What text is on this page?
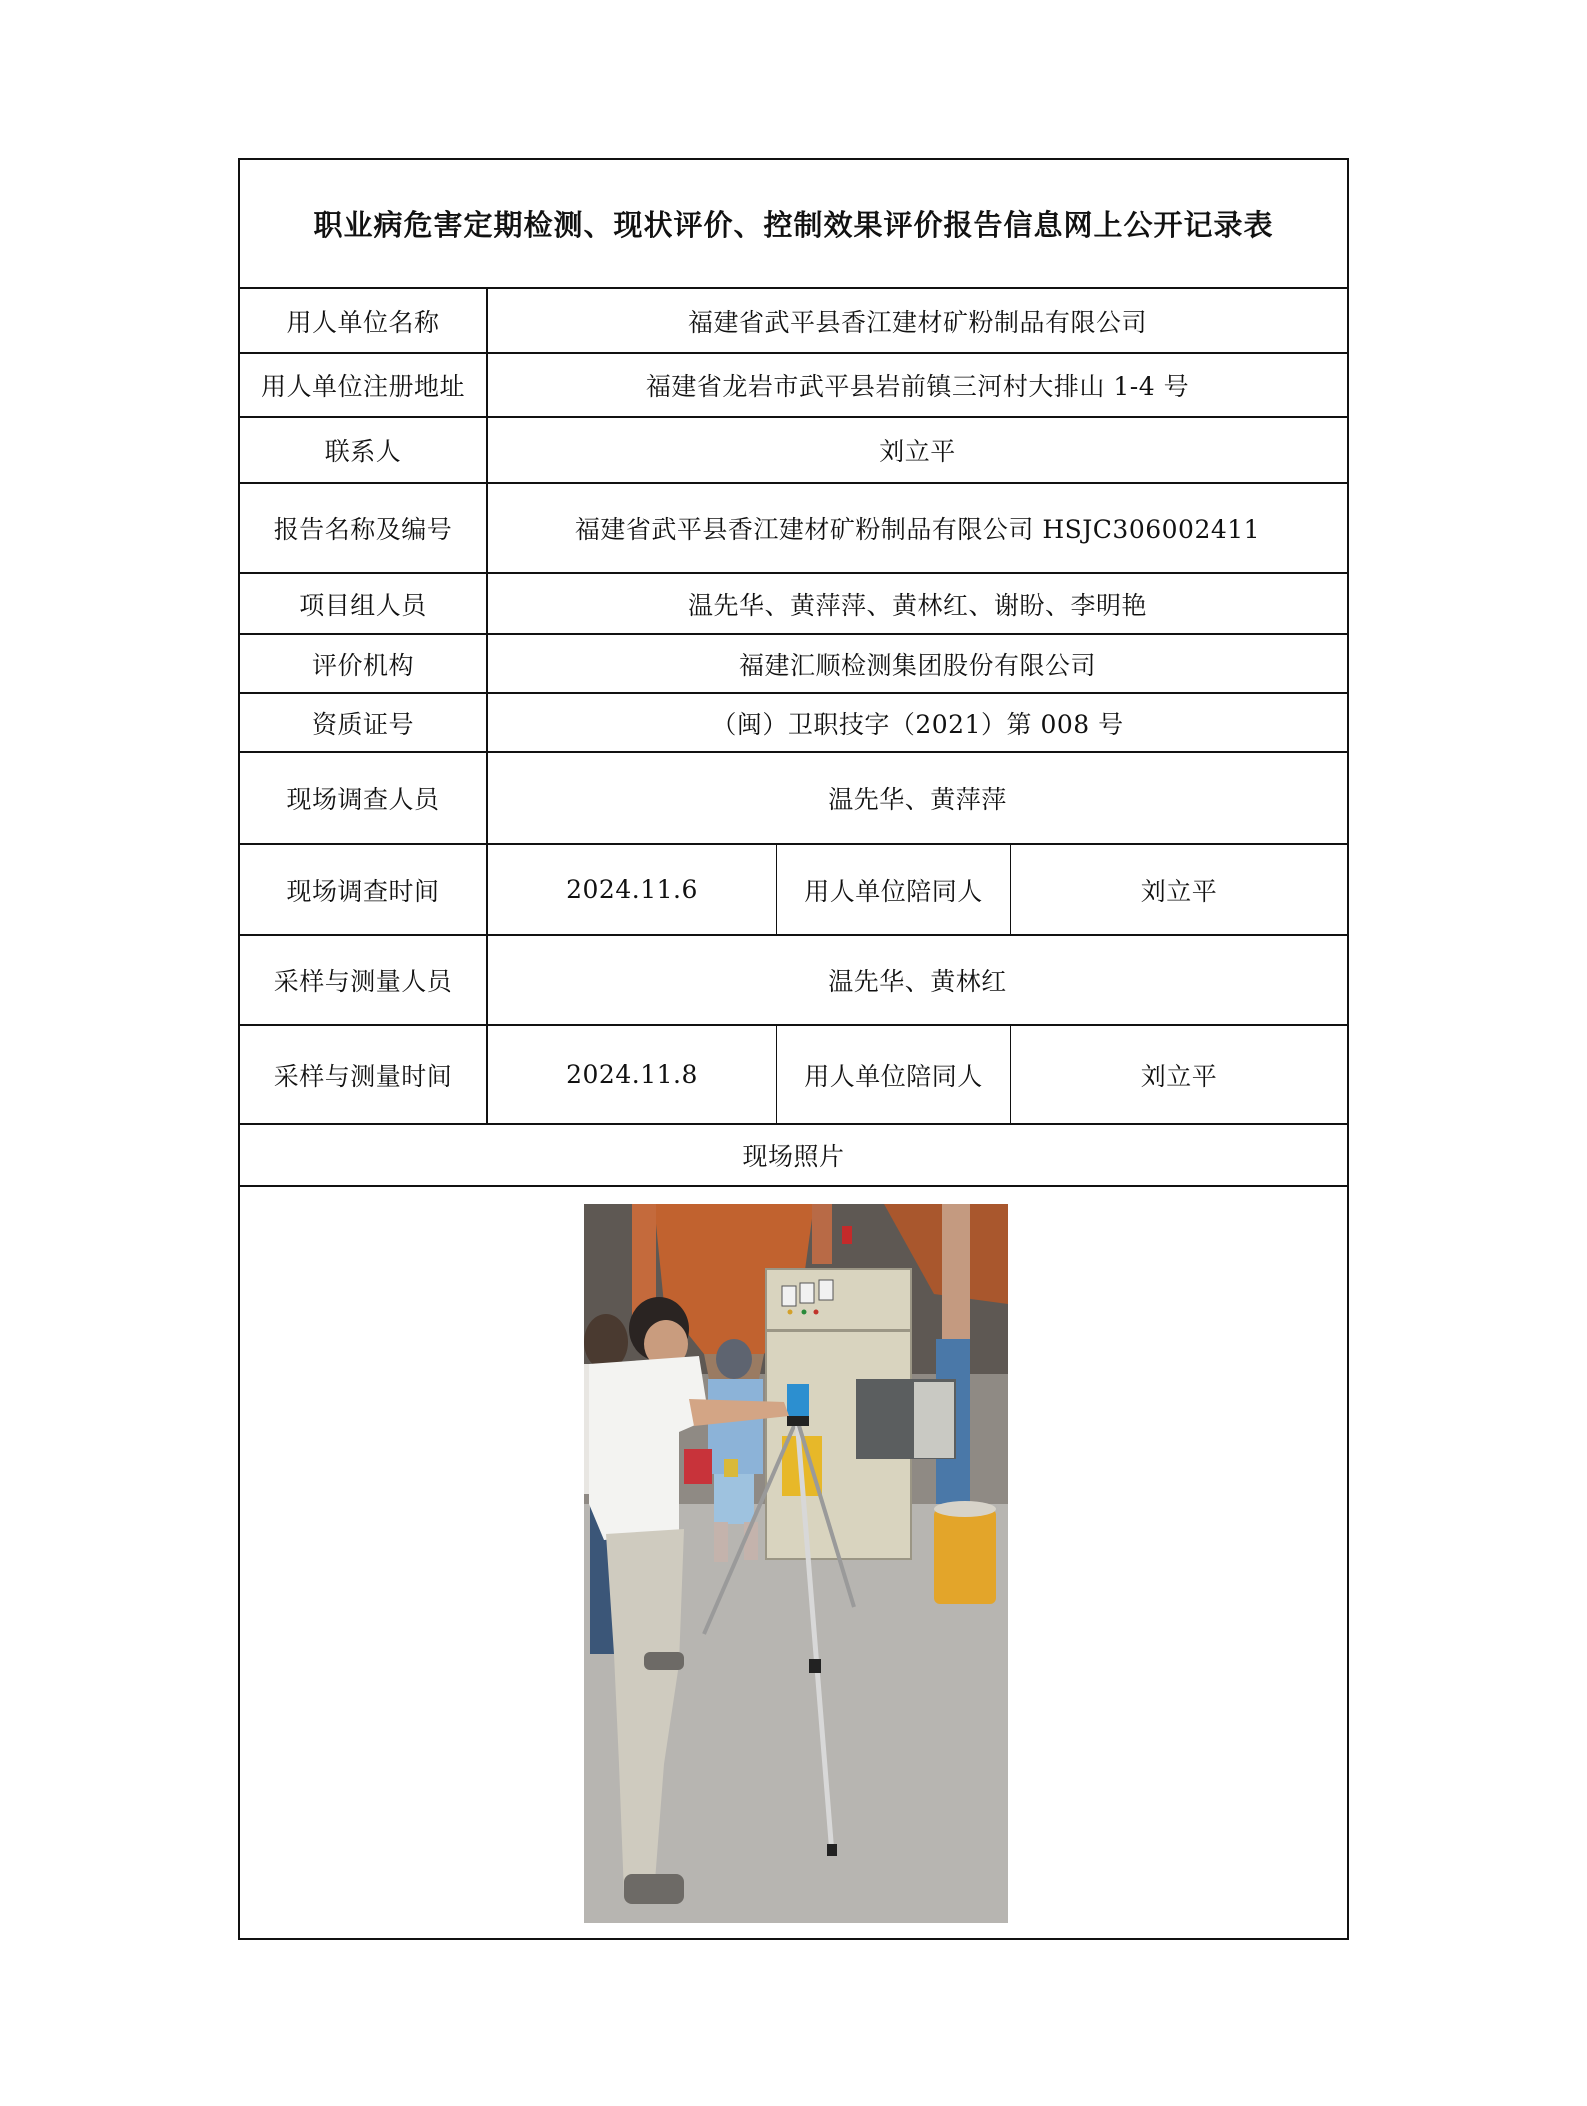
职业病危害定期检测、现状评价、控制效果评价报告信息网上公开记录表
用人单位名称	福建省武平县香江建材矿粉制品有限公司
用人单位注册地址	福建省龙岩市武平县岩前镇三河村大排山 1-4 号
联系人	刘立平
报告名称及编号	福建省武平县香江建材矿粉制品有限公司 HSJC306002411
项目组人员	温先华、黄萍萍、黄林红、谢盼、李明艳
评价机构	福建汇顺检测集团股份有限公司
资质证号	（闽）卫职技字（2021）第 008 号
现场调查人员	温先华、黄萍萍
现场调查时间	2024.11.6	用人单位陪同人	刘立平
采样与测量人员	温先华、黄林红
采样与测量时间	2024.11.8	用人单位陪同人	刘立平
现场照片
